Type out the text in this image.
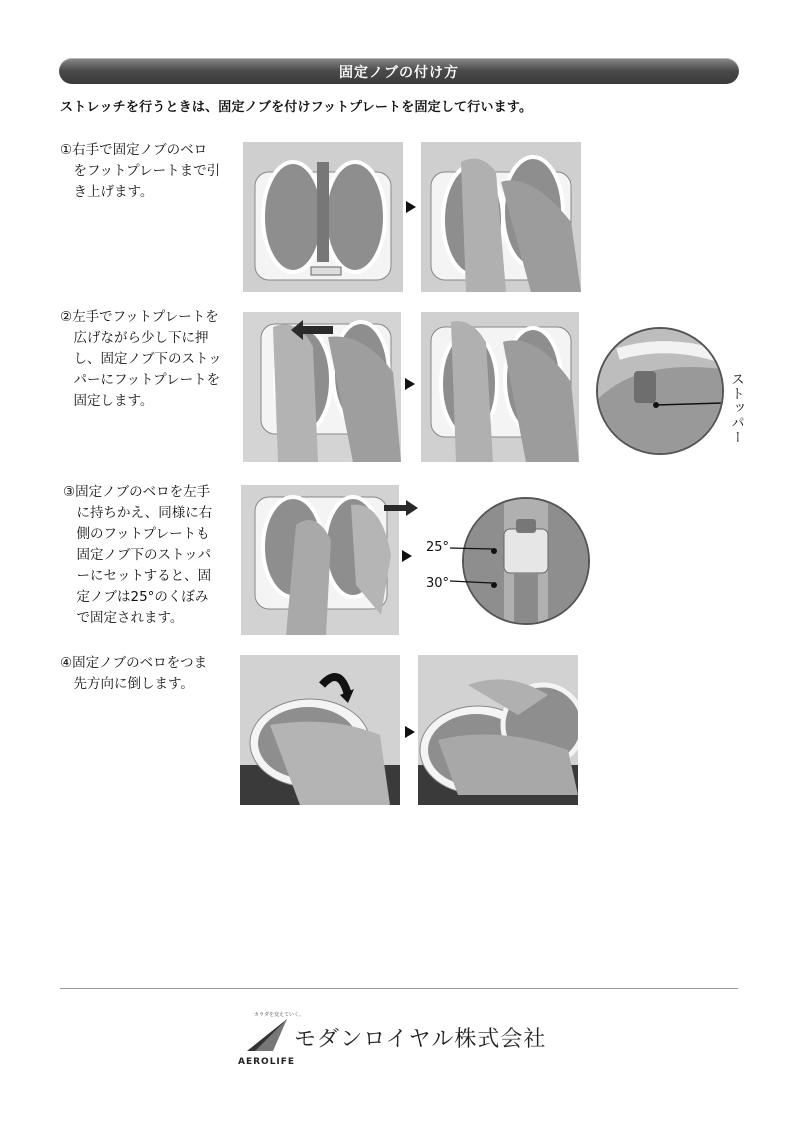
固定ノブの付け方
ストレッチを行うときは、固定ノブを付けフットプレートを固定して行います。
①右手で固定ノブのベロ
　をフットプレートまで引
　き上げます。
②左手でフットプレートを
　広げながら少し下に押
　し、固定ノブ下のストッ
　パーにフットプレートを
　固定します。	ストッパー
③固定ノブのベロを左手
　に持ちかえ、同様に右
　側のフットプレートも
　固定ノブ下のストッパ
　ーにセットすると、固
　定ノブは25°のくぼみ
　で固定されます。
25°
30°
④固定ノブのベロをつま
　先方向に倒します。
カラダを変えていく。
AEROLIFE
モダンロイヤル株式会社
